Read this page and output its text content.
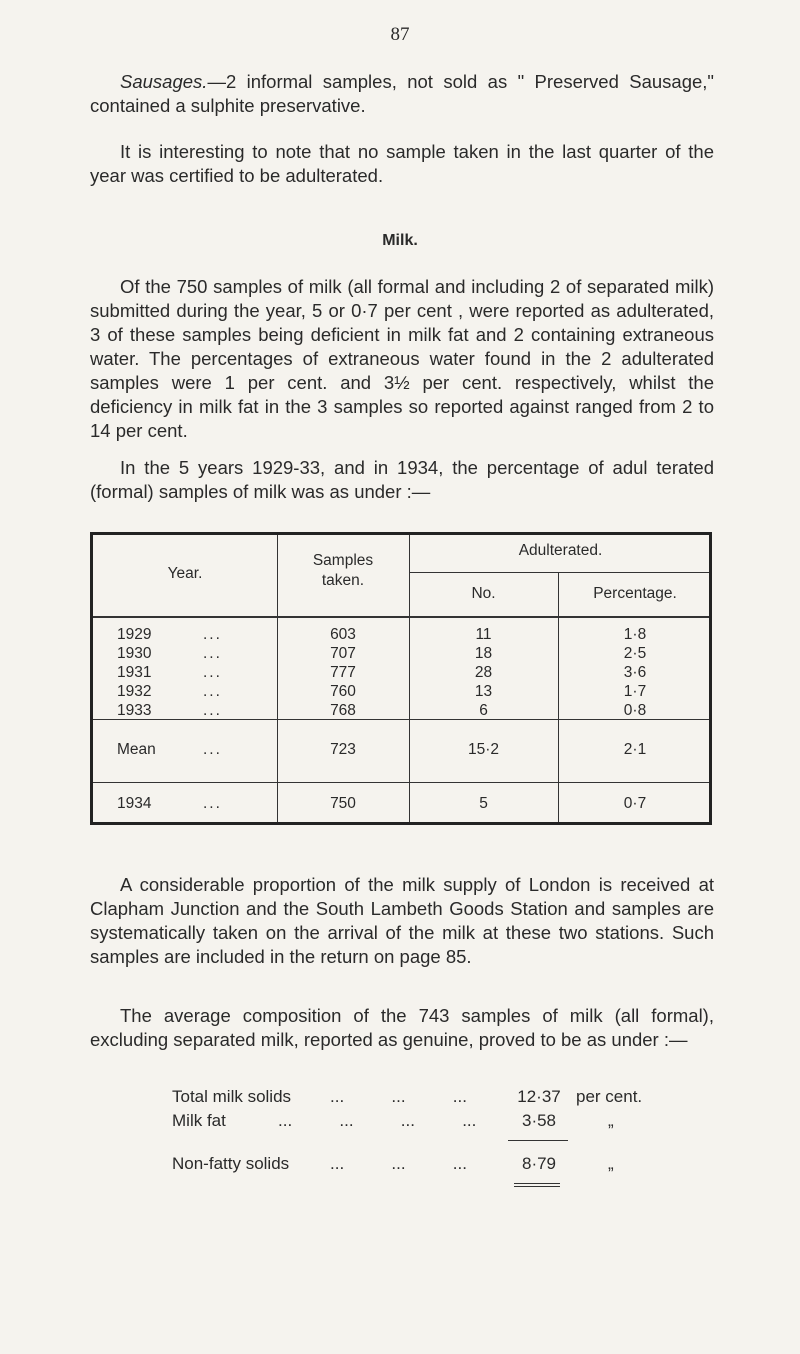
87
Sausages.—2 informal samples, not sold as " Preserved Sausage," contained a sulphite preservative.
It is interesting to note that no sample taken in the last quarter of the year was certified to be adulterated.
Milk.
Of the 750 samples of milk (all formal and including 2 of separated milk) submitted during the year, 5 or 0·7 per cent , were reported as adulterated, 3 of these samples being deficient in milk fat and 2 containing extraneous water. The percentages of extraneous water found in the 2 adulterated samples were 1 per cent. and 3½ per cent. respectively, whilst the deficiency in milk fat in the 3 samples so reported against ranged from 2 to 14 per cent.
In the 5 years 1929-33, and in 1934, the percentage of adul terated (formal) samples of milk was as under :—
Year.
Samples taken.
Adulterated.
No.	Percentage.
1929	...	603	11	1·8
1930	...	707	18	2·5
1931	...	777	28	3·6
1932	...	760	13	1·7
1933	...	768	6	0·8
Mean	...	723	15·2	2·1
1934	...	750	5	0·7
A considerable proportion of the milk supply of London is received at Clapham Junction and the South Lambeth Goods Station and samples are systematically taken on the arrival of the milk at these two stations. Such samples are included in the return on page 85.
The average composition of the 743 samples of milk (all formal), excluding separated milk, reported as genuine, proved to be as under :—
Total milk solids ...          ...          ...	12·37 per cent.
Milk fat	...          ...          ...          ...	3·58	„
Non-fatty solids ...          ...          ...	8·79	„
